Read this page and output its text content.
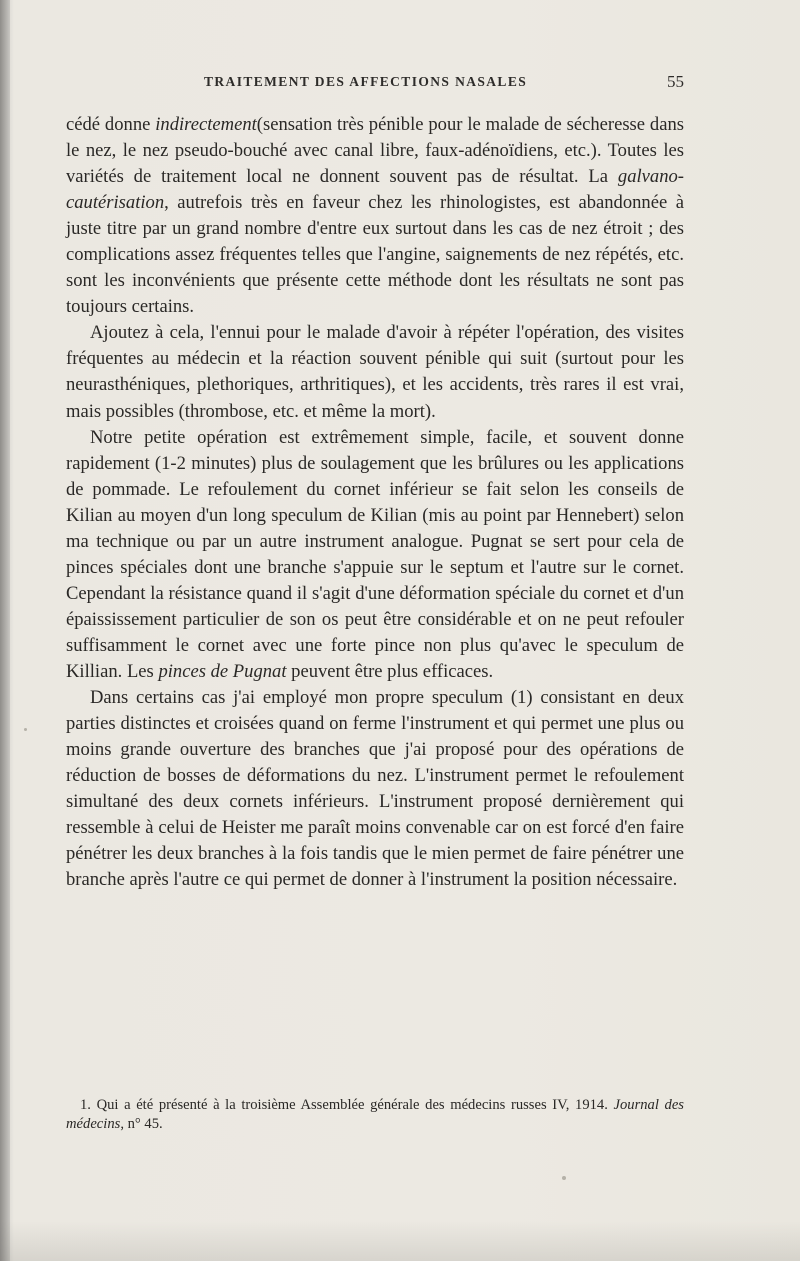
TRAITEMENT DES AFFECTIONS NASALES	55

cédé donne indirectement(sensation très pénible pour le malade de sécheresse dans le nez, le nez pseudo-bouché avec canal libre, faux-adénoïdiens, etc.). Toutes les variétés de traitement local ne donnent souvent pas de résultat. La galvano-cautérisation, autrefois très en faveur chez les rhinologistes, est abandonnée à juste titre par un grand nombre d'entre eux surtout dans les cas de nez étroit ; des complications assez fréquentes telles que l'angine, saignements de nez répétés, etc. sont les inconvénients que présente cette méthode dont les résultats ne sont pas toujours certains.

Ajoutez à cela, l'ennui pour le malade d'avoir à répéter l'opération, des visites fréquentes au médecin et la réaction souvent pénible qui suit (surtout pour les neurasthéniques, plethoriques, arthritiques), et les accidents, très rares il est vrai, mais possibles (thrombose, etc. et même la mort).

Notre petite opération est extrêmement simple, facile, et souvent donne rapidement (1-2 minutes) plus de soulagement que les brûlures ou les applications de pommade. Le refoulement du cornet inférieur se fait selon les conseils de Kilian au moyen d'un long speculum de Kilian (mis au point par Hennebert) selon ma technique ou par un autre instrument analogue. Pugnat se sert pour cela de pinces spéciales dont une branche s'appuie sur le septum et l'autre sur le cornet. Cependant la résistance quand il s'agit d'une déformation spéciale du cornet et d'un épaississement particulier de son os peut être considérable et on ne peut refouler suffisamment le cornet avec une forte pince non plus qu'avec le speculum de Killian. Les pinces de Pugnat peuvent être plus efficaces.

Dans certains cas j'ai employé mon propre speculum (1) consistant en deux parties distinctes et croisées quand on ferme l'instrument et qui permet une plus ou moins grande ouverture des branches que j'ai proposé pour des opérations de réduction de bosses de déformations du nez. L'instrument permet le refoulement simultané des deux cornets inférieurs. L'instrument proposé dernièrement qui ressemble à celui de Heister me paraît moins convenable car on est forcé d'en faire pénétrer les deux branches à la fois tandis que le mien permet de faire pénétrer une branche après l'autre ce qui permet de donner à l'instrument la position nécessaire.

1. Qui a été présenté à la troisième Assemblée générale des médecins russes IV, 1914. Journal des médecins, n° 45.
